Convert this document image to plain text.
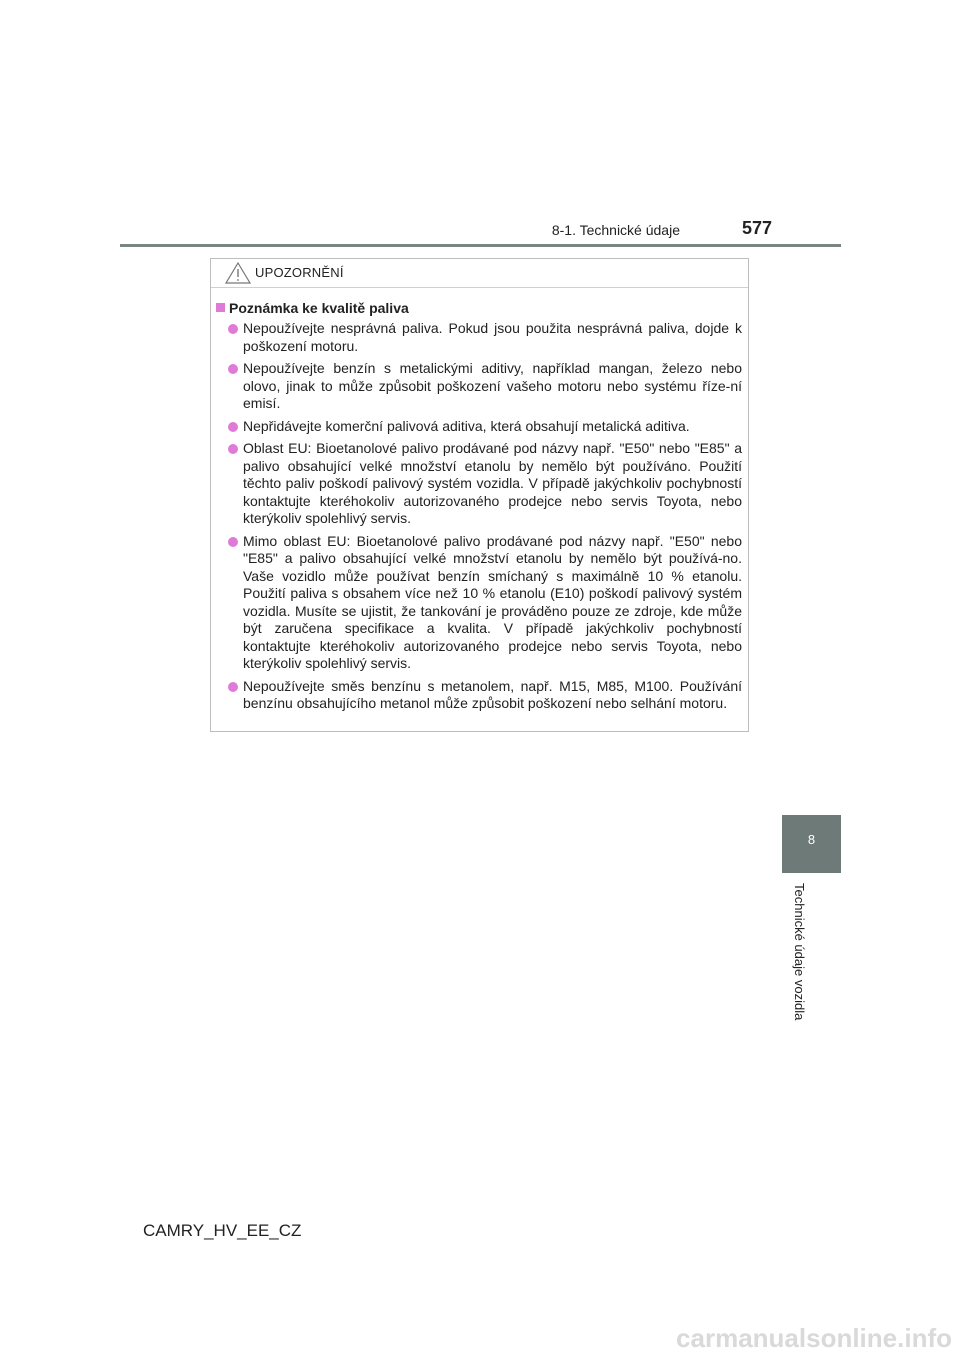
8-1. Technické údaje	577
8
Technické údaje vozidla
UPOZORNĚNÍ
Poznámka ke kvalitě paliva
Nepoužívejte nesprávná paliva. Pokud jsou použita nesprávná paliva, dojde k poškození motoru.
Nepoužívejte benzín s metalickými aditivy, například mangan, železo nebo olovo, jinak to může způsobit poškození vašeho motoru nebo systému říze-ní emisí.
Nepřidávejte komerční palivová aditiva, která obsahují metalická aditiva.
Oblast EU: Bioetanolové palivo prodávané pod názvy např. "E50" nebo "E85" a palivo obsahující velké množství etanolu by nemělo být používáno. Použití těchto paliv poškodí palivový systém vozidla. V případě jakýchkoliv pochybností kontaktujte kteréhokoliv autorizovaného prodejce nebo servis Toyota, nebo kterýkoliv spolehlivý servis.
Mimo oblast EU: Bioetanolové palivo prodávané pod názvy např. "E50" nebo "E85" a palivo obsahující velké množství etanolu by nemělo být používá-no. Vaše vozidlo může používat benzín smíchaný s maximálně 10 % etanolu. Použití paliva s obsahem více než 10 % etanolu (E10) poškodí palivový systém vozidla. Musíte se ujistit, že tankování je prováděno pouze ze zdroje, kde může být zaručena specifikace a kvalita. V případě jakýchkoliv pochybností kontaktujte kteréhokoliv autorizovaného prodejce nebo servis Toyota, nebo kterýkoliv spolehlivý servis.
Nepoužívejte směs benzínu s metanolem, např. M15, M85, M100. Používání benzínu obsahujícího metanol může způsobit poškození nebo selhání motoru.
CAMRY_HV_EE_CZ
carmanualsonline.info
